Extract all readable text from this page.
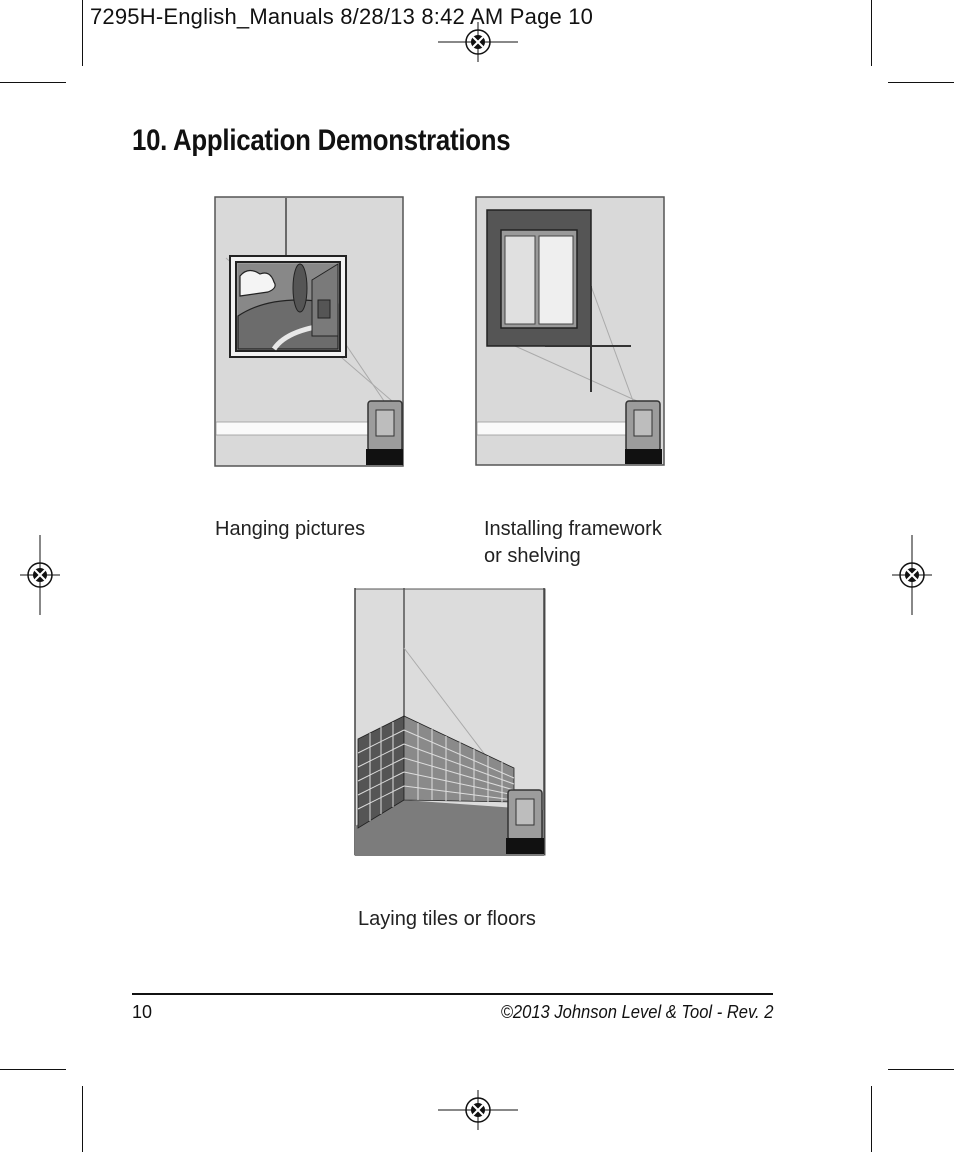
7295H-English_Manuals 8/28/13 8:42 AM Page 10
10. Application Demonstrations
Hanging pictures	Installing framework
or shelving
Laying tiles or floors
10	©2013 Johnson Level & Tool - Rev. 2
